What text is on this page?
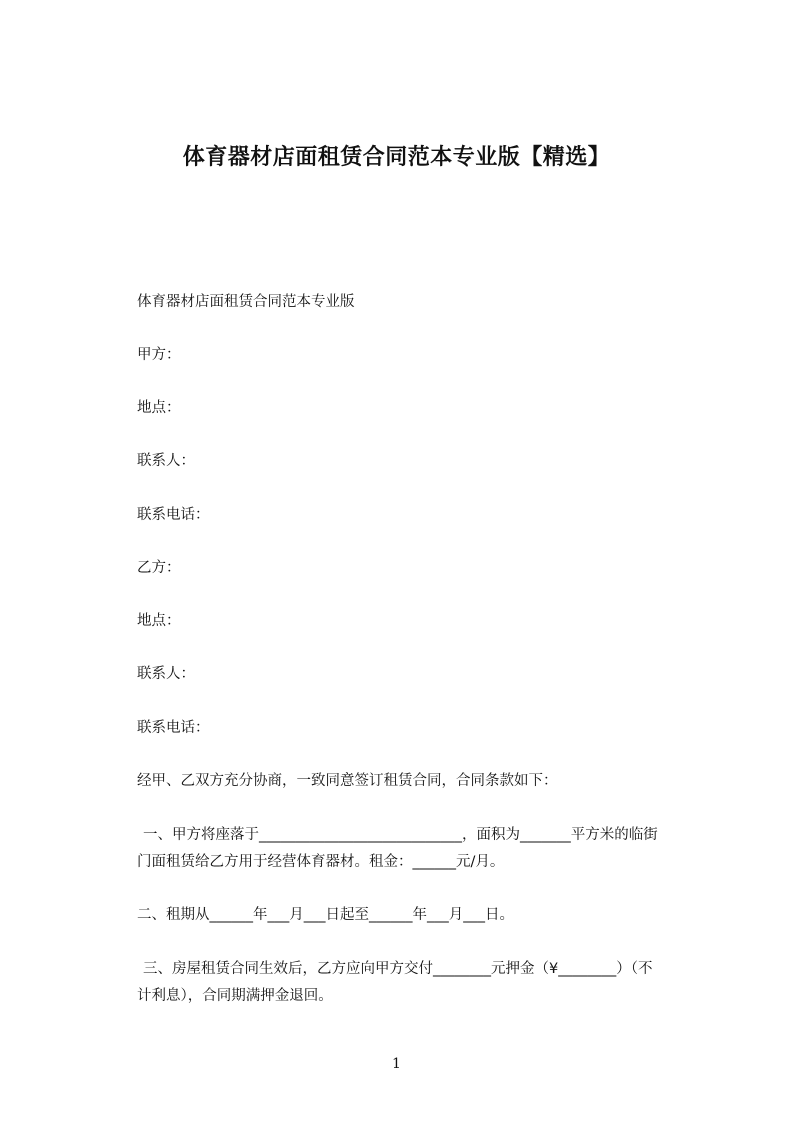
体育器材店面租赁合同范本专业版【精选】
体育器材店面租赁合同范本专业版
甲方：
地点：
联系人：
联系电话：
乙方：
地点：
联系人：
联系电话：
经甲、乙双方充分协商，一致同意签订租赁合同，合同条款如下：
一、甲方将座落于____________________________，面积为_______平方米的临街
门面租赁给乙方用于经营体育器材。租金：______元/月。
二、租期从______年___月___日起至______年___月___日。
三、房屋租赁合同生效后，乙方应向甲方交付________元押金（¥________）（不
计利息），合同期满押金退回。
1
